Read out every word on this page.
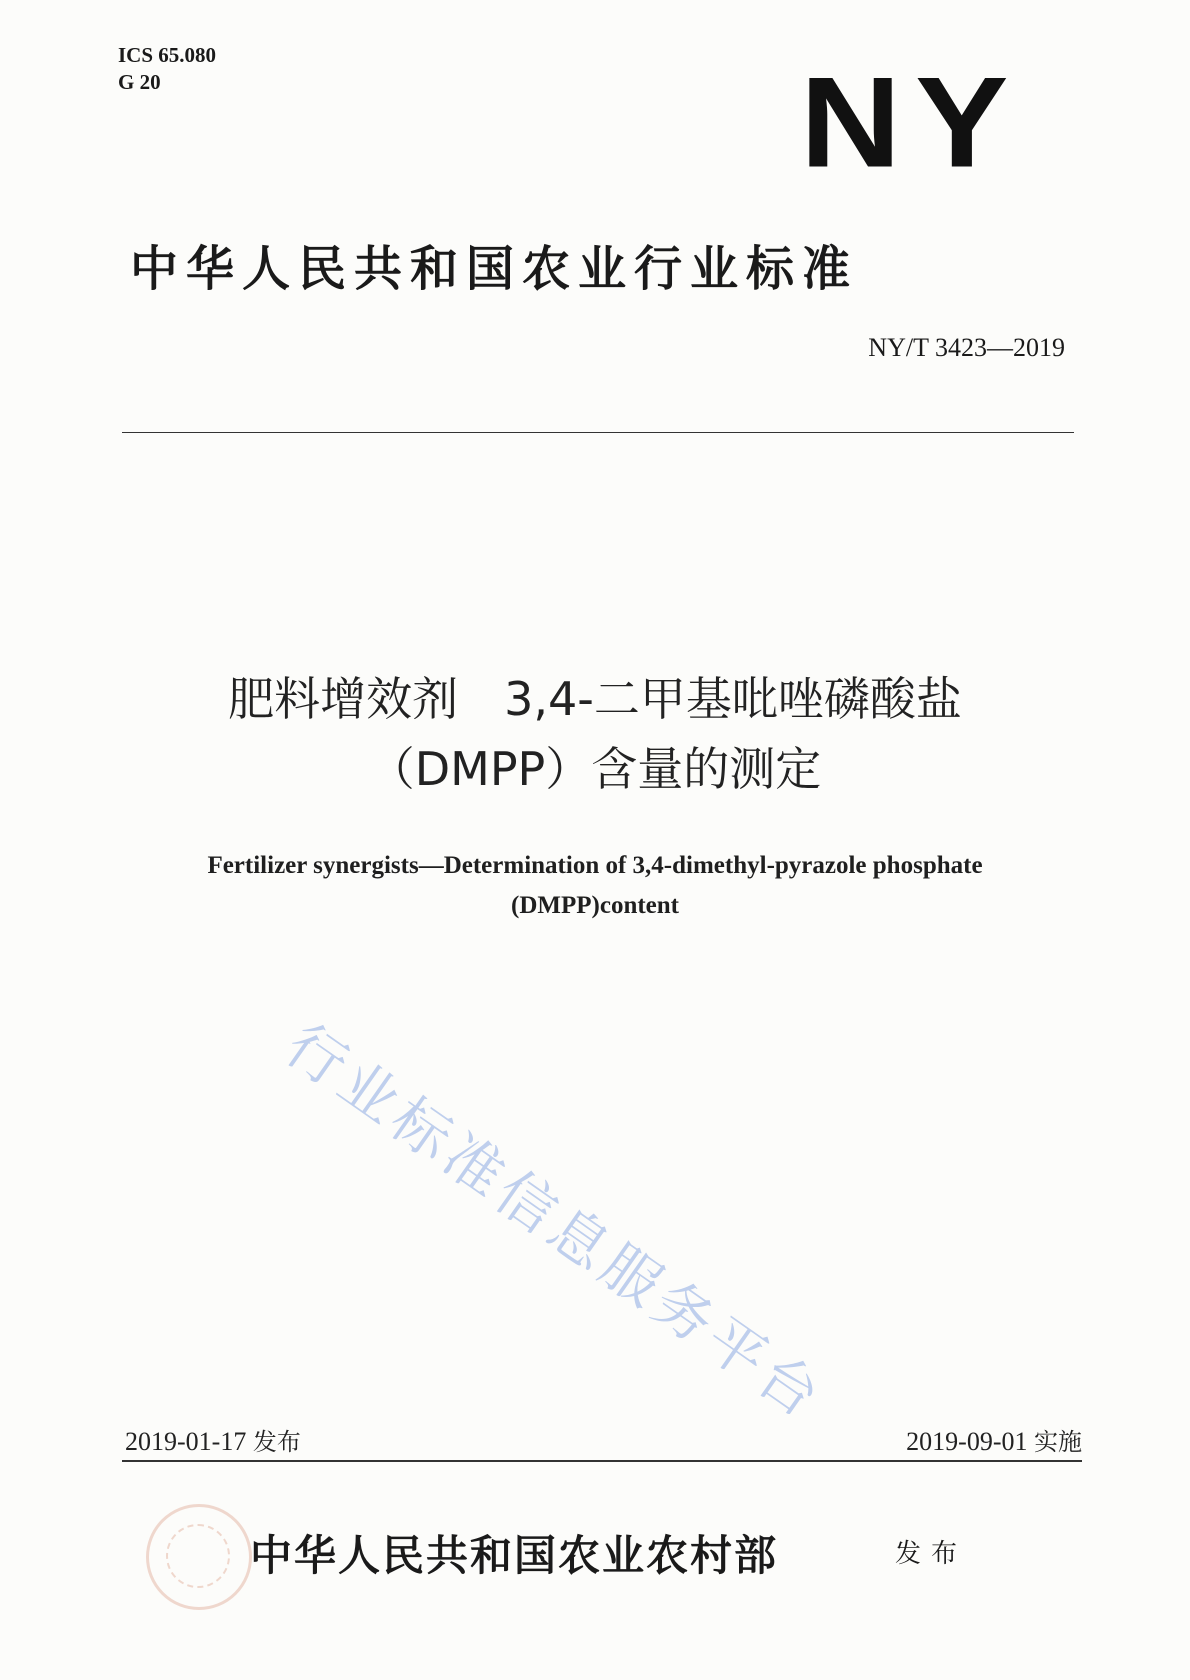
ICS 65.080
G 20	NY
中华人民共和国农业行业标准
NY/T 3423—2019
肥料增效剂　3,4-二甲基吡唑磷酸盐
（DMPP）含量的测定
Fertilizer synergists—Determination of 3,4-dimethyl-pyrazole phosphate
(DMPP)content
行业标准信息服务平台
2019-01-17 发布	2019-09-01 实施
中华人民共和国农业农村部	发布
